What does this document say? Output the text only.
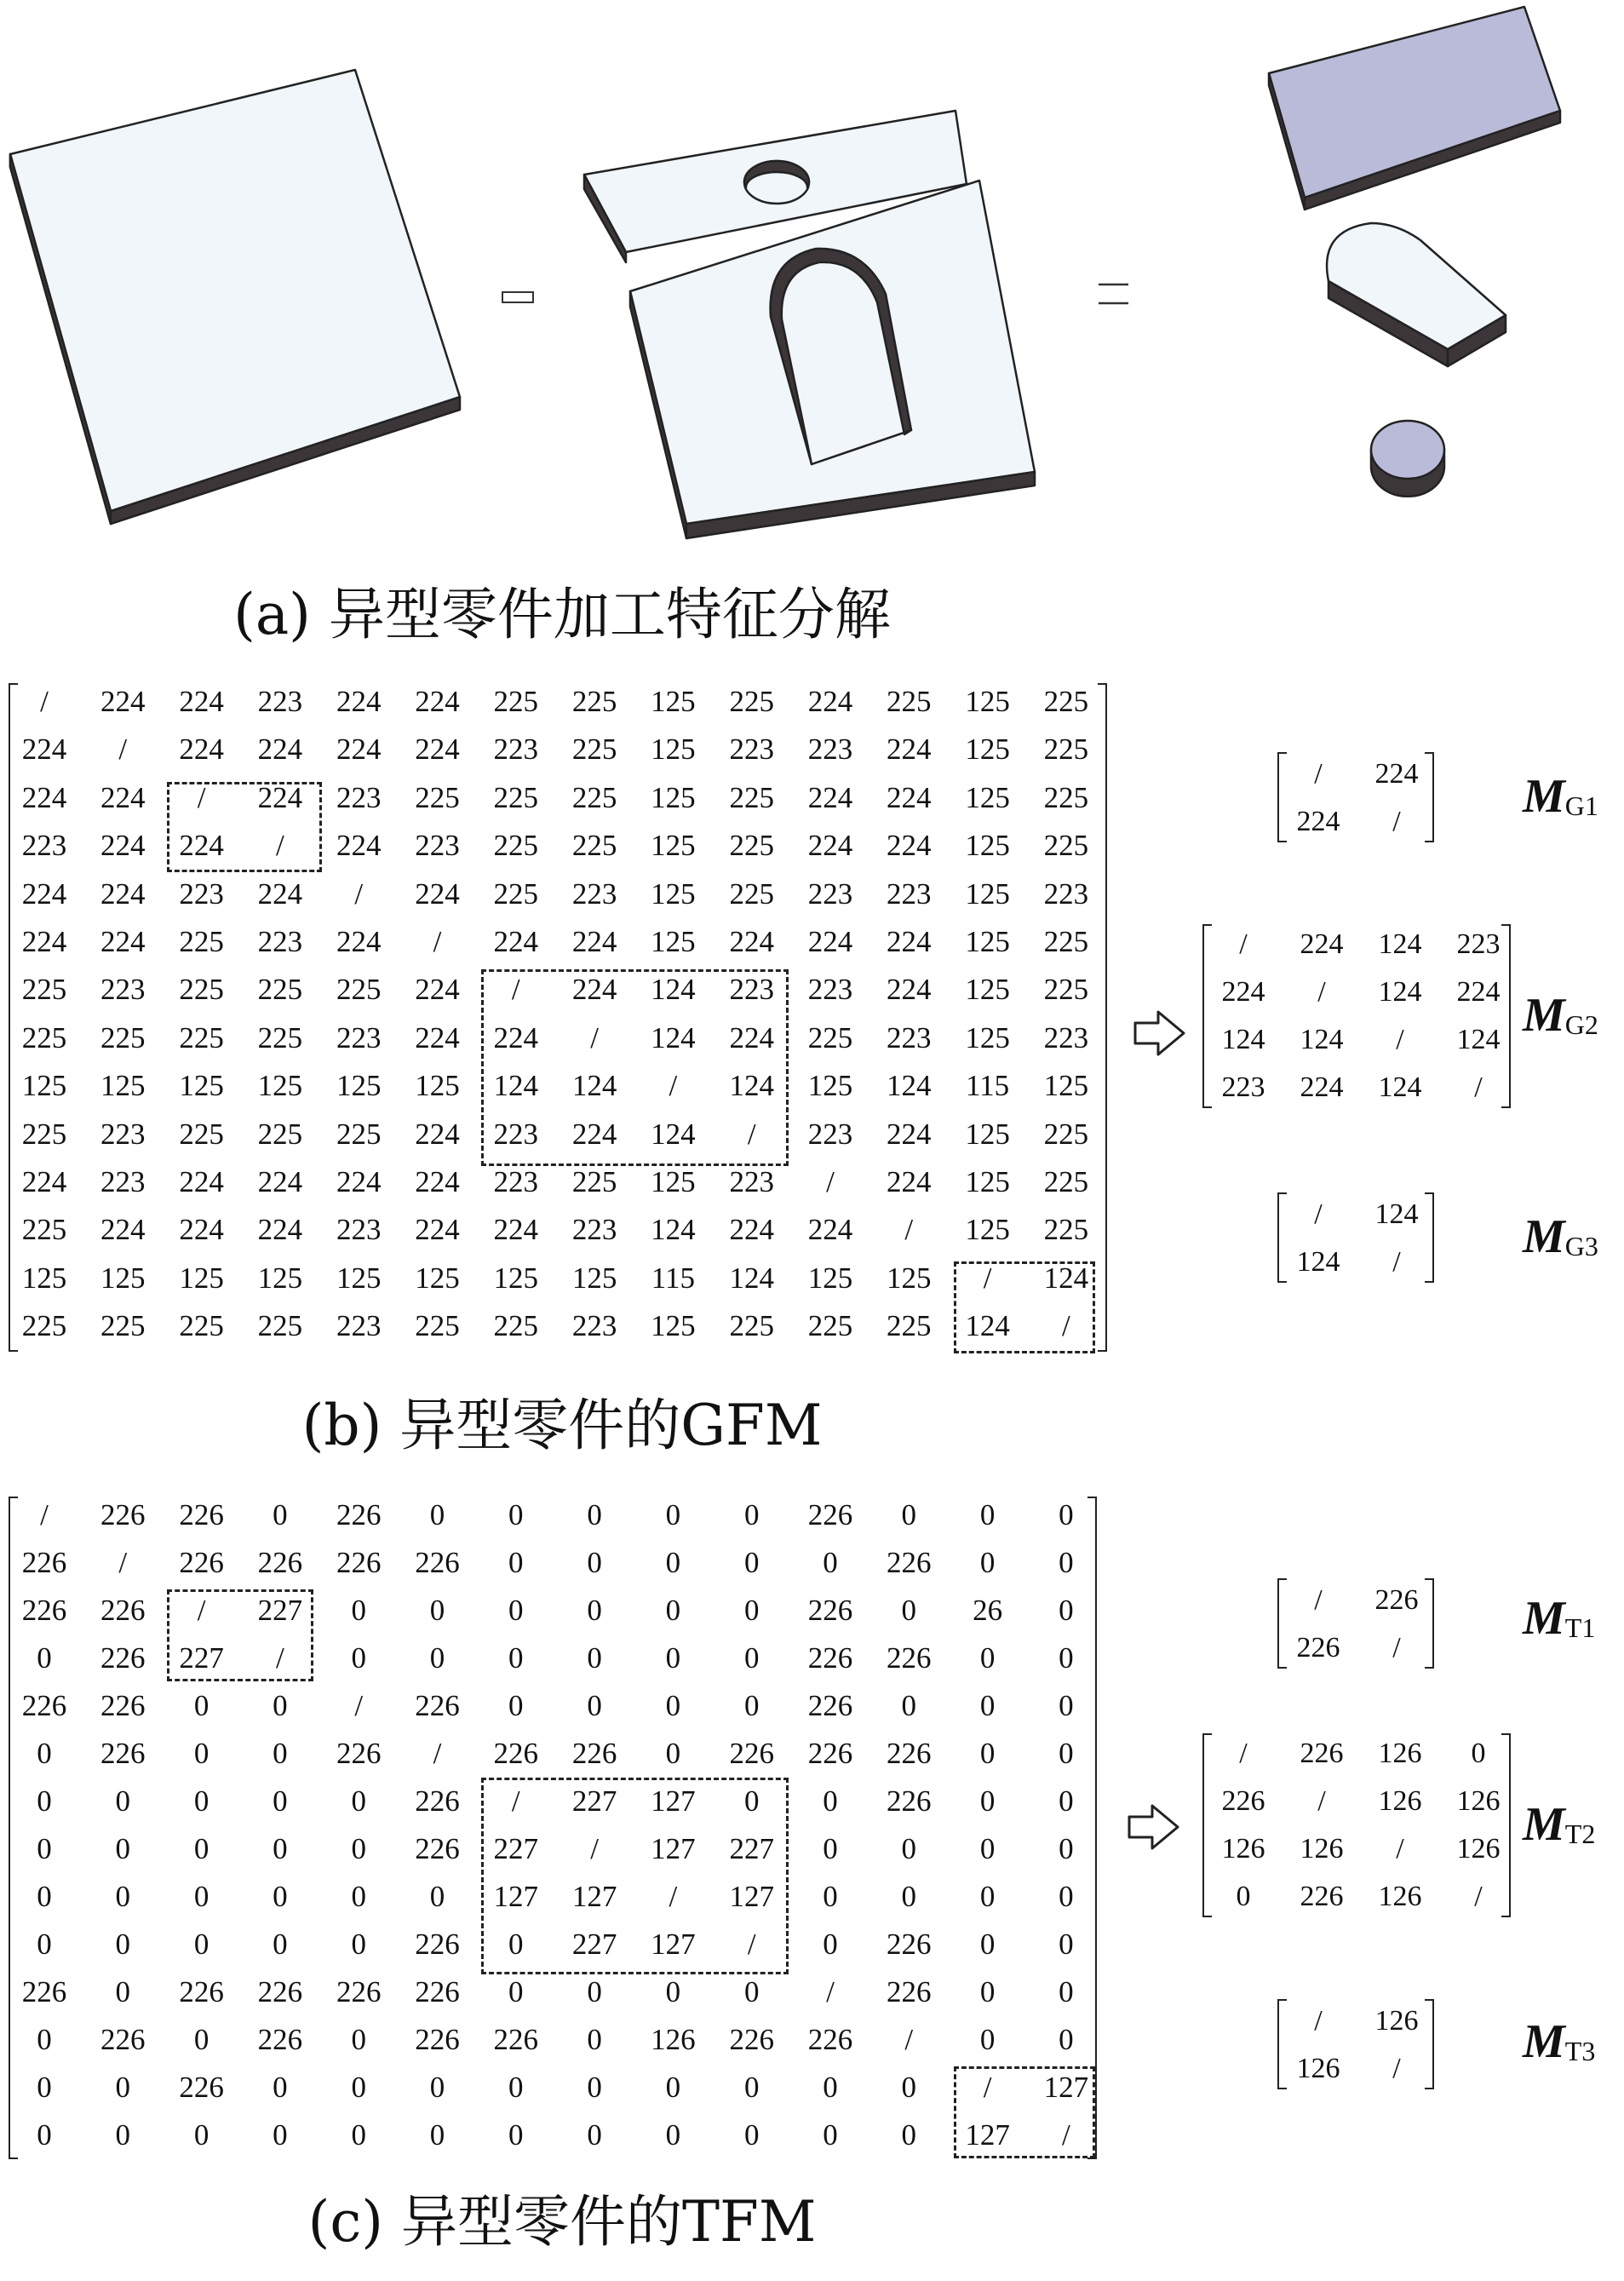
(a) 异型零件加工特征分解
/	224	224	223	224	224	225	225	125	225	224	225	125	225
224	/	224	224	224	224	223	225	125	223	223	224	125	225
224	224	/	224	223	225	225	225	125	225	224	224	125	225
223	224	224	/	224	223	225	225	125	225	224	224	125	225
224	224	223	224	/	224	225	223	125	225	223	223	125	223
224	224	225	223	224	/	224	224	125	224	224	224	125	225
225	223	225	225	225	224	/	224	124	223	223	224	125	225
225	225	225	225	223	224	224	/	124	224	225	223	125	223
125	125	125	125	125	125	124	124	/	124	125	124	115	125
225	223	225	225	225	224	223	224	124	/	223	224	125	225
224	223	224	224	224	224	223	225	125	223	/	224	125	225
225	224	224	224	223	224	224	223	124	224	224	/	125	225
125	125	125	125	125	125	125	125	115	124	125	125	/	124
225	225	225	225	223	225	225	223	125	225	225	225	124	/
/	224
224	/
/	224	124	223
224	/	124	224
124	124	/	124
223	224	124	/
/	124
124	/
$M_{G1}$
$M_{G2}$
$M_{G3}$
(b) 异型零件的GFM
/	226	226	0	226	0	0	0	0	0	226	0	0	0
226	/	226	226	226	226	0	0	0	0	0	226	0	0
226	226	/	227	0	0	0	0	0	0	226	0	26	0
0	226	227	/	0	0	0	0	0	0	226	226	0	0
226	226	0	0	/	226	0	0	0	0	226	0	0	0
0	226	0	0	226	/	226	226	0	226	226	226	0	0
0	0	0	0	0	226	/	227	127	0	0	226	0	0
0	0	0	0	0	226	227	/	127	227	0	0	0	0
0	0	0	0	0	0	127	127	/	127	0	0	0	0
0	0	0	0	0	226	0	227	127	/	0	226	0	0
226	0	226	226	226	226	0	0	0	0	/	226	0	0
0	226	0	226	0	226	226	0	126	226	226	/	0	0
0	0	226	0	0	0	0	0	0	0	0	0	/	127
0	0	0	0	0	0	0	0	0	0	0	0	127	/
/	226
226	/
/	226	126	0
226	/	126	126
126	126	/	126
0	226	126	/
/	126
126	/
$M_{T1}$
$M_{T2}$
$M_{T3}$
(c) 异型零件的TFM
